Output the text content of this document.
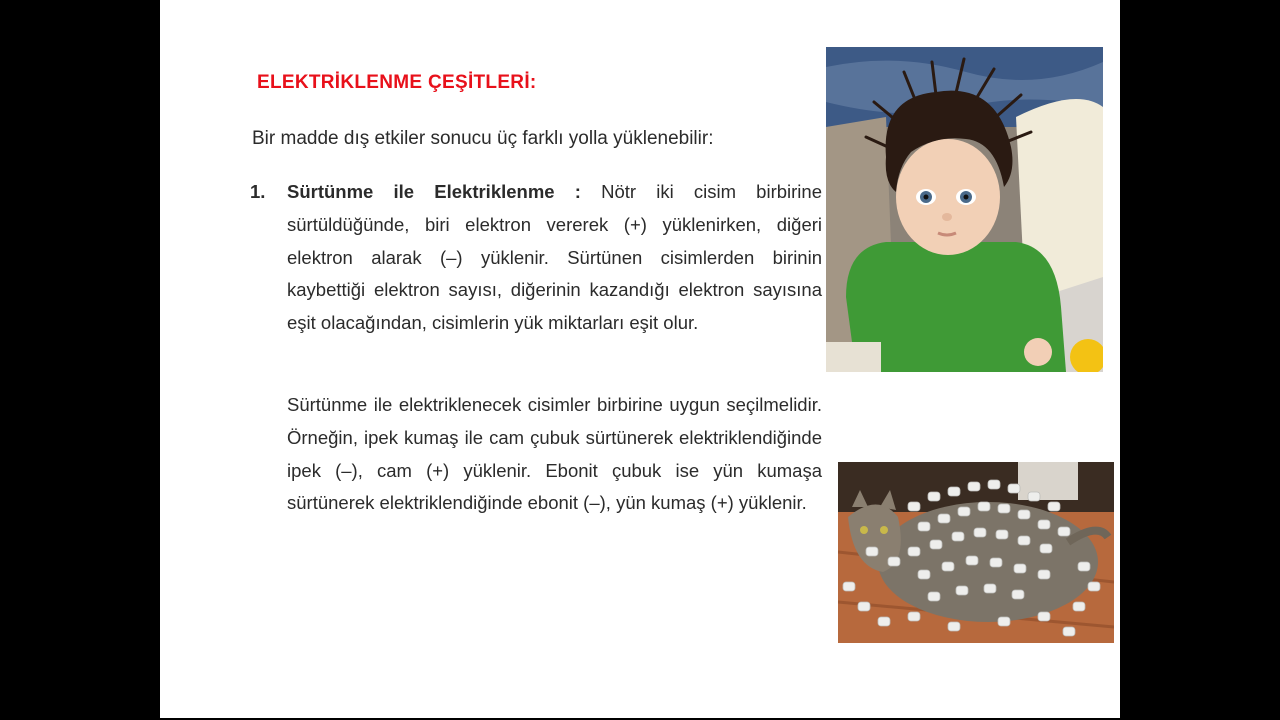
ELEKTRİKLENME ÇEŞİTLERİ:
Bir madde dış etkiler sonucu üç farklı yolla yüklenebilir:
1. Sürtünme ile Elektriklenme : Nötr iki cisim birbirine sürtüldüğünde, biri elektron vererek (+) yüklenirken, diğeri elektron alarak (–) yüklenir. Sürtünen cisimlerden birinin kaybettiği elektron sayısı, diğerinin kazandığı elektron sayısına eşit olacağından, cisimlerin yük miktarları eşit olur.
Sürtünme ile elektriklenecek cisimler birbirine uygun seçilmelidir. Örneğin, ipek kumaş ile cam çubuk sürtünerek elektriklendiğinde ipek (–), cam (+) yüklenir. Ebonit çubuk ise yün kumaşa sürtünerek elektriklendiğinde ebonit (–), yün kumaş (+) yüklenir.
